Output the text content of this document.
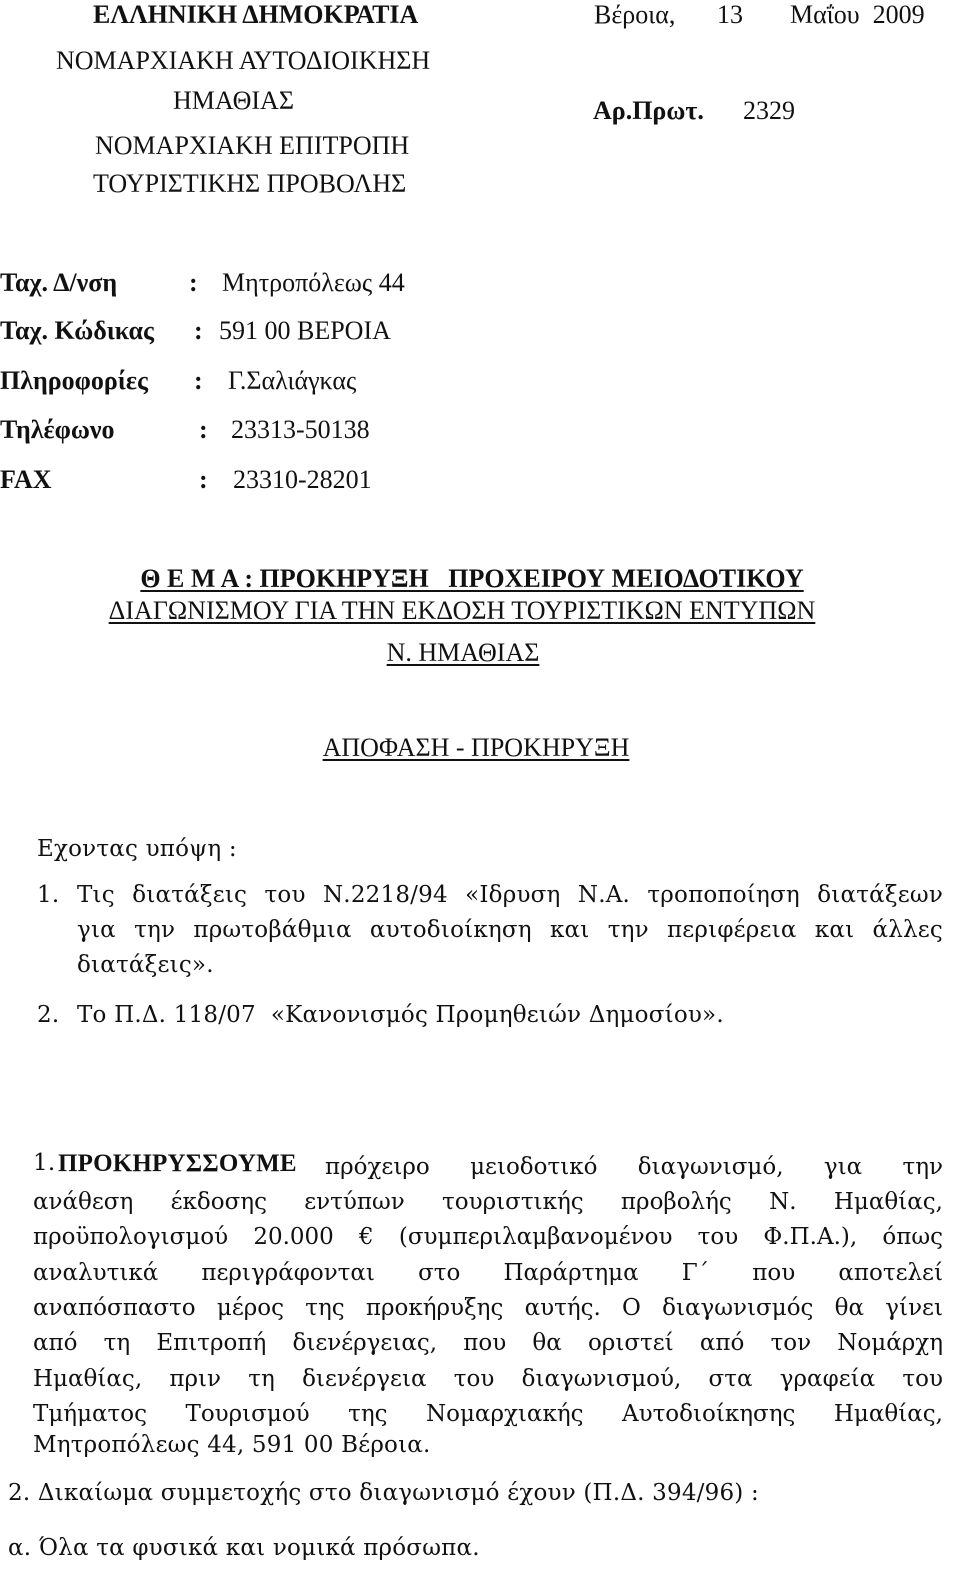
ΕΛΛΗΝΙΚΗ ΔΗΜΟΚΡΑΤΙΑ
ΝΟΜΑΡΧΙΑΚΗ ΑΥΤΟΔΙΟΙΚΗΣΗ
ΗΜΑΘΙΑΣ
ΝΟΜΑΡΧΙΑΚΗ ΕΠΙΤΡΟΠΗ
ΤΟΥΡΙΣΤΙΚΗΣ ΠΡΟΒΟΛΗΣ
Βέροια, 13 Μαΐου  2009
Αρ.Πρωτ. 2329
Ταχ. Δ/νση	: Μητροπόλεως 44
Ταχ. Κώδικας : 591 00 ΒΕΡΟΙΑ
Πληροφορίες : Γ.Σαλιάγκας
Τηλέφωνο	: 23313-50138
FAX	: 23310-28201
Θ Ε Μ Α : ΠΡΟΚΗΡΥΞΗ   ΠΡΟΧΕΙΡΟΥ ΜΕΙΟΔΟΤΙΚΟΥ
ΔΙΑΓΩΝΙΣΜΟΥ ΓΙΑ ΤΗΝ ΕΚΔΟΣΗ ΤΟΥΡΙΣΤΙΚΩΝ ΕΝΤΥΠΩΝ
Ν. ΗΜΑΘΙΑΣ
ΑΠΟΦΑΣΗ - ΠΡΟΚΗΡΥΞΗ
Εχοντας υπόψη :
1. Τις διατάξεις του Ν.2218/94 «Ιδρυση Ν.Α. τροποποίηση διατάξεων
για την πρωτοβάθμια αυτοδιοίκηση και την περιφέρεια και άλλες
διατάξεις».
2. Το Π.Δ. 118/07  «Κανονισμός Προμηθειών Δημοσίου».
1. ΠΡΟΚΗΡΥΣΣΟΥΜΕ πρόχειρο μειοδοτικό διαγωνισμό, για την
ανάθεση έκδοσης εντύπων τουριστικής προβολής Ν. Ημαθίας,
προϋπολογισμού 20.000 € (συμπεριλαμβανομένου του Φ.Π.Α.), όπως
αναλυτικά περιγράφονται στο Παράρτημα Γ΄ που αποτελεί
αναπόσπαστο μέρος της προκήρυξης αυτής. Ο διαγωνισμός θα γίνει
από τη Επιτροπή διενέργειας, που θα οριστεί από τον Νομάρχη
Ημαθίας, πριν τη διενέργεια του διαγωνισμού, στα γραφεία του
Τμήματος Τουρισμού της Νομαρχιακής Αυτοδιοίκησης Ημαθίας,
Μητροπόλεως 44, 591 00 Βέροια.
2. Δικαίωμα συμμετοχής στο διαγωνισμό έχουν (Π.Δ. 394/96) :
α. Όλα τα φυσικά και νομικά πρόσωπα.
